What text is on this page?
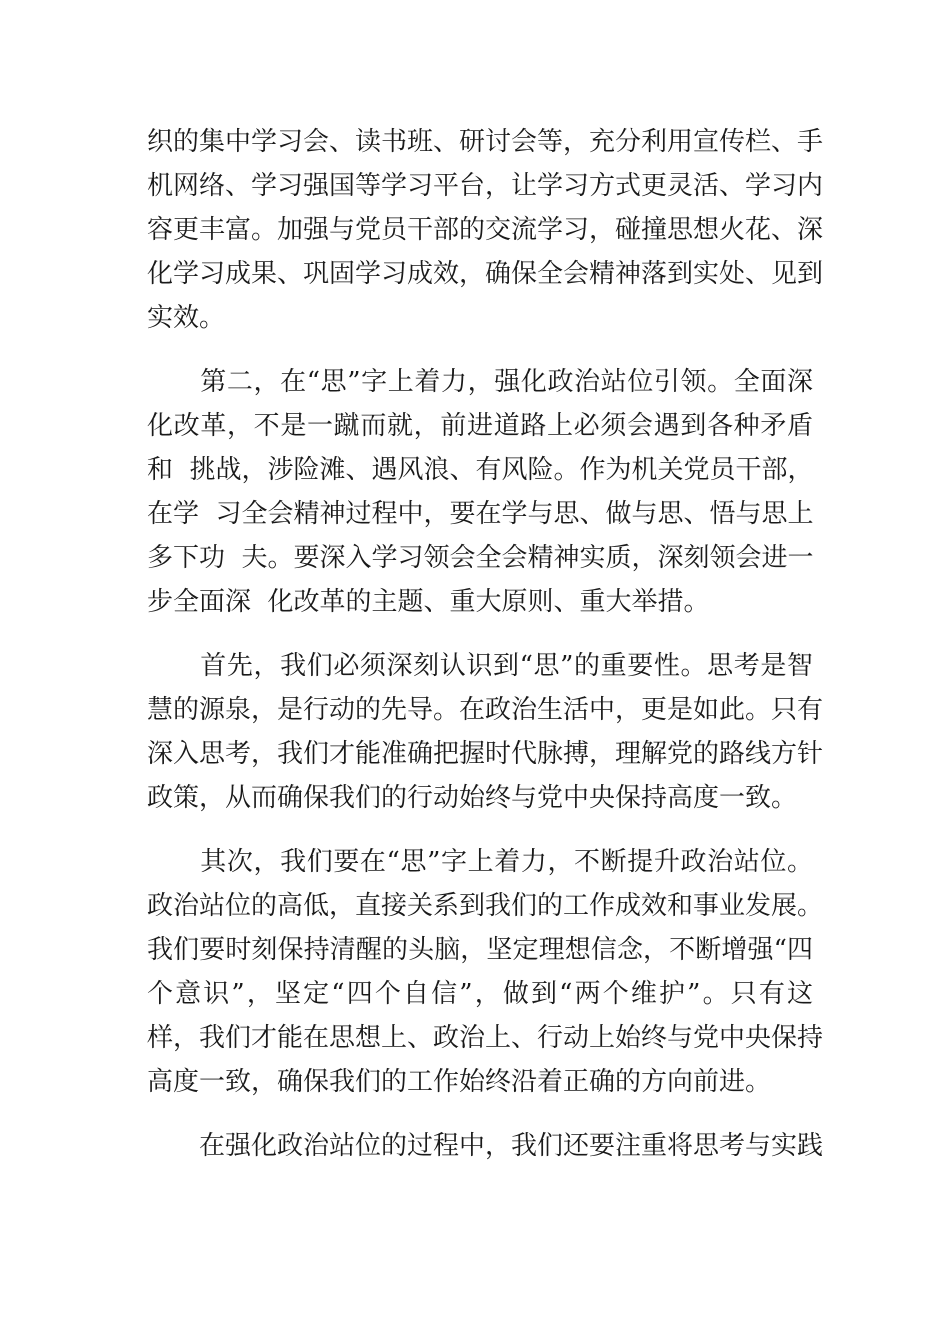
织的集中学习会、读书班、研讨会等，充分利用宣传栏、手
机网络、学习强国等学习平台，让学习方式更灵活、学习内
容更丰富。加强与党员干部的交流学习，碰撞思想火花、深
化学习成果、巩固学习成效，确保全会精神落到实处、见到
实效。
　　第二，在“思”字上着力，强化政治站位引领。全面深
化改革，不是一蹴而就，前进道路上必须会遇到各种矛盾
和  挑战，涉险滩、遇风浪、有风险。作为机关党员干部，
在学  习全会精神过程中，要在学与思、做与思、悟与思上
多下功  夫。要深入学习领会全会精神实质，深刻领会进一
步全面深  化改革的主题、重大原则、重大举措。
　　首先，我们必须深刻认识到“思”的重要性。思考是智
慧的源泉，是行动的先导。在政治生活中，更是如此。只有
深入思考，我们才能准确把握时代脉搏，理解党的路线方针
政策，从而确保我们的行动始终与党中央保持高度一致。
　　其次，我们要在“思”字上着力，不断提升政治站位。
政治站位的高低，直接关系到我们的工作成效和事业发展。
我们要时刻保持清醒的头脑，坚定理想信念，不断增强“四
个意识”，坚定“四个自信”，做到“两个维护”。只有这
样，我们才能在思想上、政治上、行动上始终与党中央保持
高度一致，确保我们的工作始终沿着正确的方向前进。
　　在强化政治站位的过程中，我们还要注重将思考与实践
